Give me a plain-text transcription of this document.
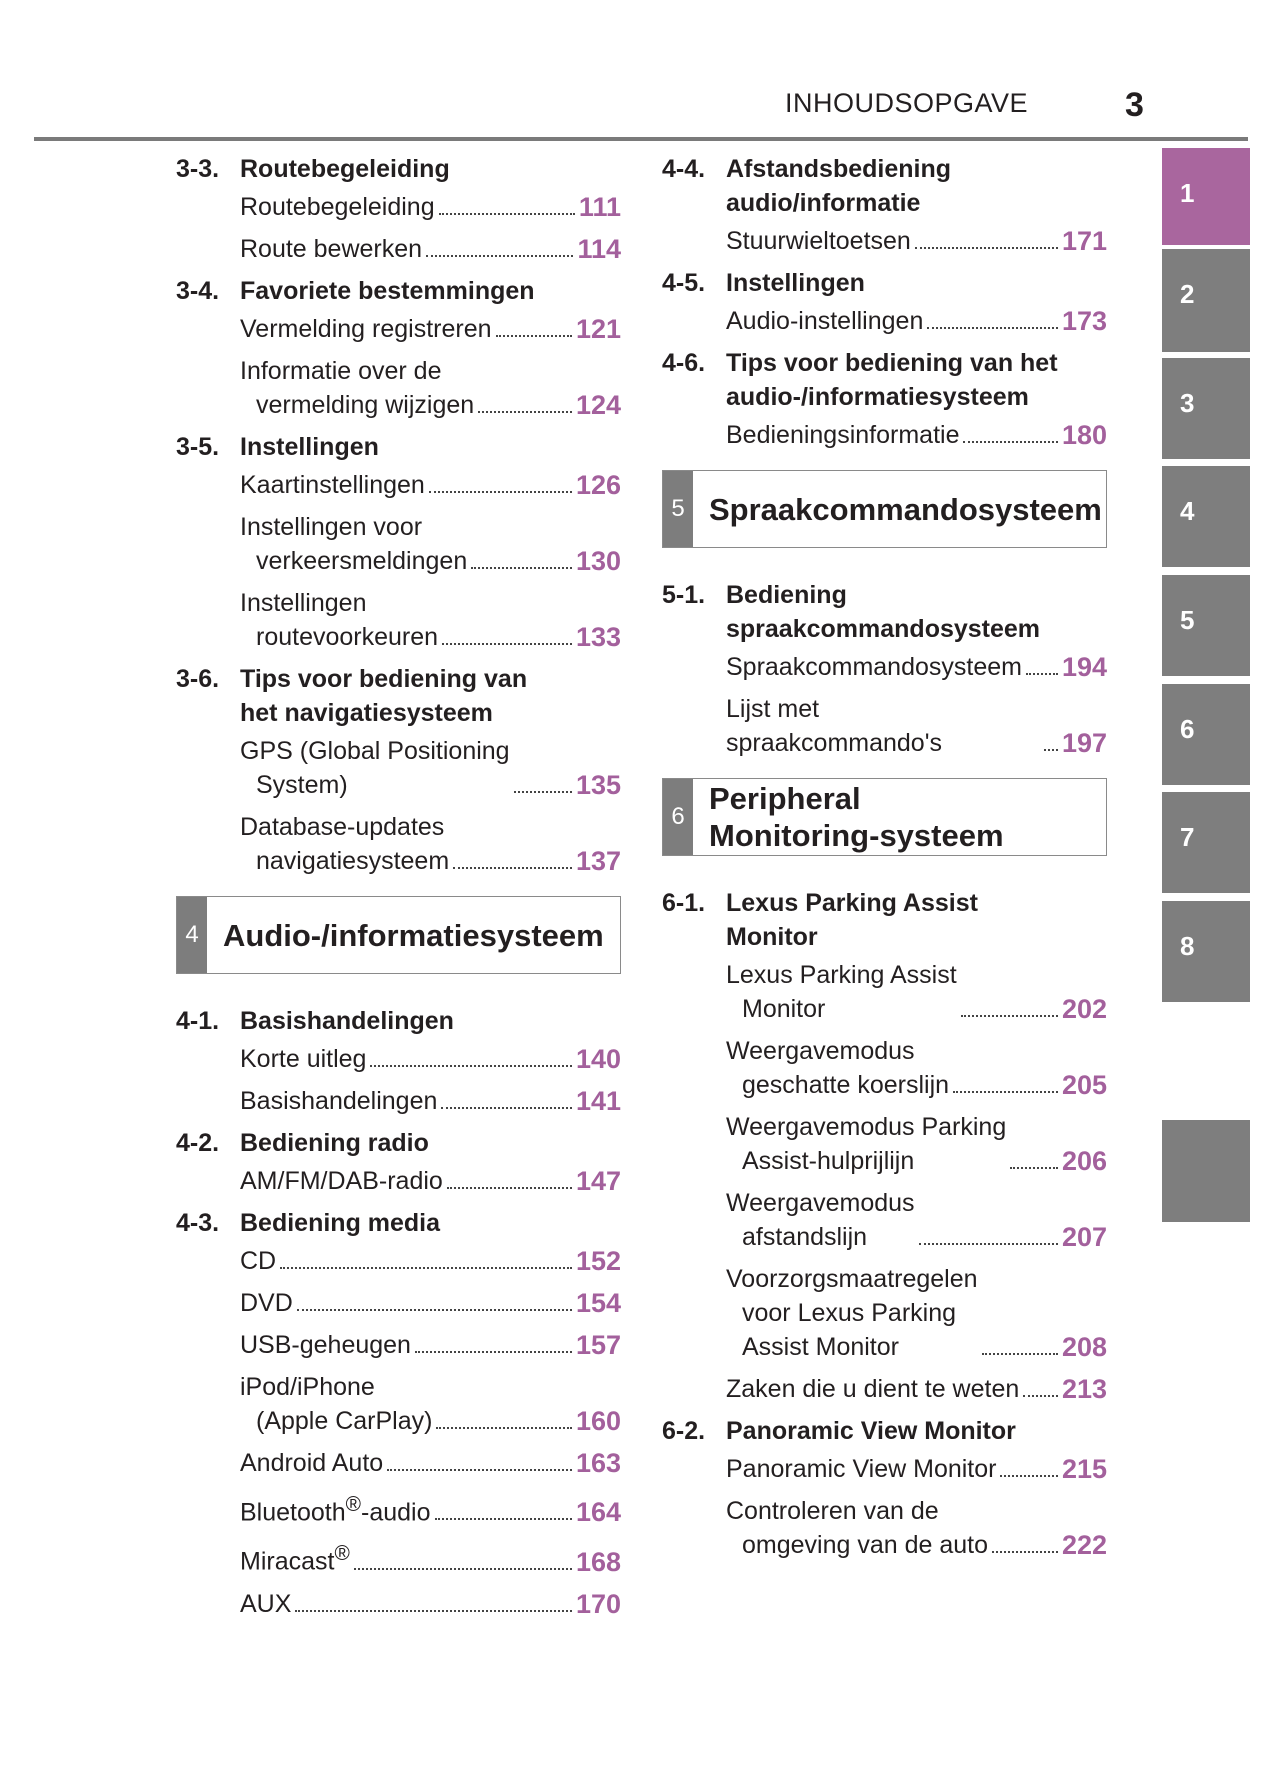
INHOUDSOPGAVE	3
3-3. Routebegeleiding
Routebegeleiding	111
Route bewerken	114
3-4. Favoriete bestemmingen
Vermelding registreren	121
Informatie over de
vermelding wijzigen	124
3-5. Instellingen
Kaartinstellingen	126
Instellingen voor
verkeersmeldingen	130
Instellingen
routevoorkeuren	133
3-6. Tips voor bediening van
het navigatiesysteem
GPS (Global Positioning
System)	135
Database-updates
navigatiesysteem	137
4 Audio-/informatiesysteem
4-1. Basishandelingen
Korte uitleg	140
Basishandelingen	141
4-2. Bediening radio
AM/FM/DAB-radio	147
4-3. Bediening media
CD	152
DVD	154
USB-geheugen	157
iPod/iPhone
(Apple CarPlay)	160
Android Auto	163
Bluetooth®-audio	164
Miracast®	168
AUX	170
4-4. Afstandsbediening
audio/informatie
Stuurwieltoetsen	171
4-5. Instellingen
Audio-instellingen	173
4-6. Tips voor bediening van het
audio-/informatiesysteem
Bedieningsinformatie	180
5 Spraakcommandosysteem
5-1. Bediening
spraakcommandosysteem
Spraakcommandosysteem 194
Lijst met spraakcommando's	197
6
Peripheral
Monitoring-systeem
6-1. Lexus Parking Assist
Monitor
Lexus Parking Assist
Monitor	202
Weergavemodus
geschatte koerslijn	205
Weergavemodus Parking
Assist-hulprijlijn	206
Weergavemodus
afstandslijn	207
Voorzorgsmaatregelen
voor Lexus Parking
Assist Monitor	208
Zaken die u dient te weten 213
6-2. Panoramic View Monitor
Panoramic View Monitor 215
Controleren van de
omgeving van de auto	222
1
2
3
4
5
6
7
8
